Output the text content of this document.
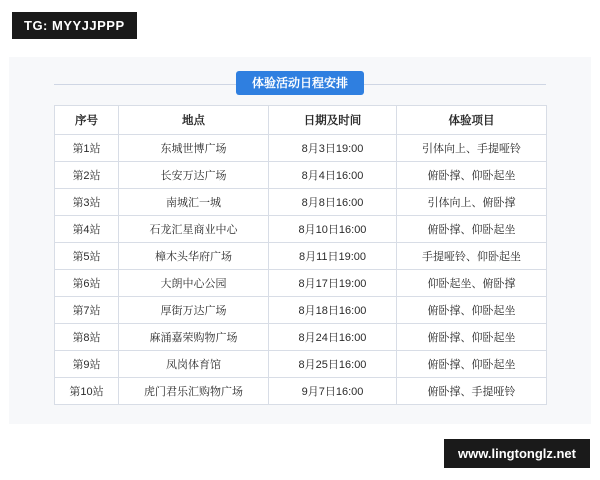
TG: MYYJJPPP
体验活动日程安排
序号	地点	日期及时间	体验项目
第1站	东城世博广场	8月3日19:00	引体向上、手提哑铃
第2站	长安万达广场	8月4日16:00	俯卧撑、仰卧起坐
第3站	南城汇一城	8月8日16:00	引体向上、俯卧撑
第4站	石龙汇星商业中心	8月10日16:00	俯卧撑、仰卧起坐
第5站	樟木头华府广场	8月11日19:00	手提哑铃、仰卧起坐
第6站	大朗中心公园	8月17日19:00	仰卧起坐、俯卧撑
第7站	厚街万达广场	8月18日16:00	俯卧撑、仰卧起坐
第8站	麻涌嘉荣购物广场	8月24日16:00	俯卧撑、仰卧起坐
第9站	凤岗体育馆	8月25日16:00	俯卧撑、仰卧起坐
第10站	虎门君乐汇购物广场	9月7日16:00	俯卧撑、手提哑铃
www.lingtonglz.net
